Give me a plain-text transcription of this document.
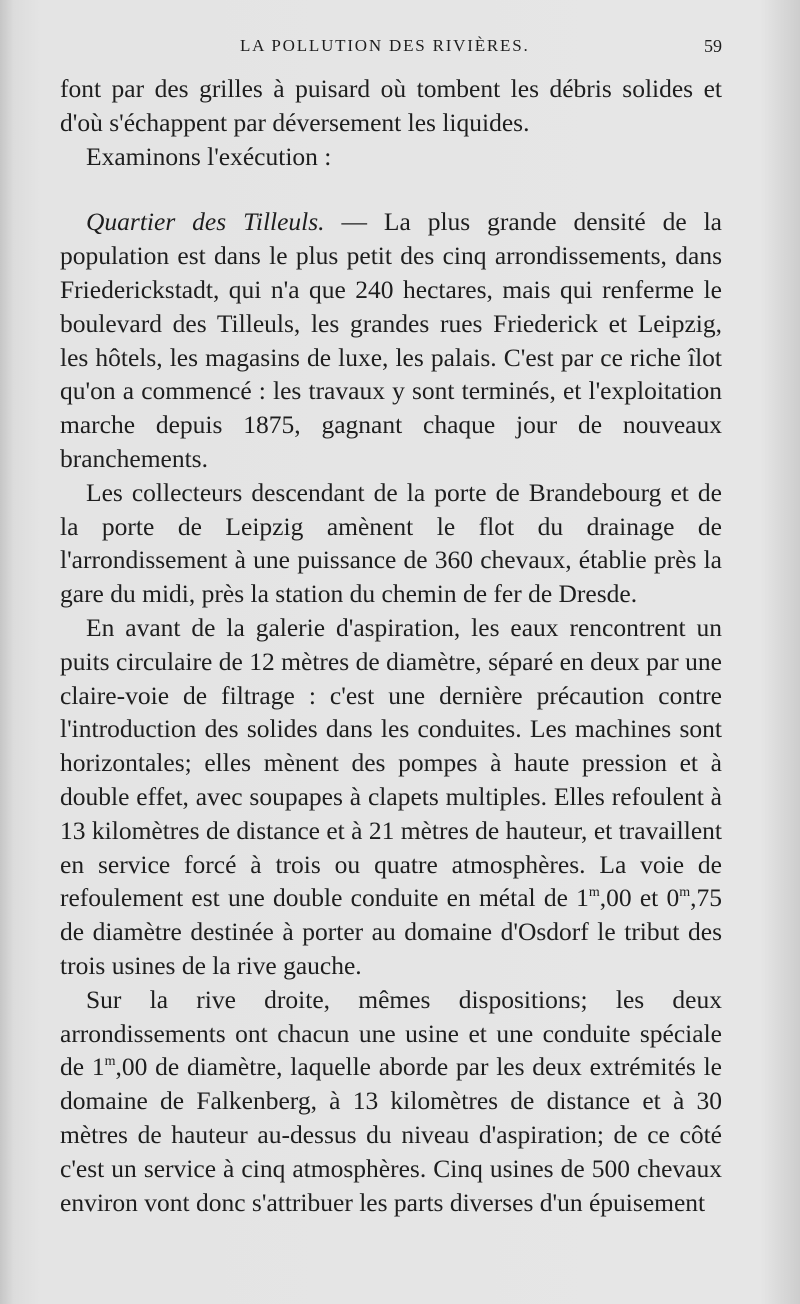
LA POLLUTION DES RIVIÈRES.	59

font par des grilles à puisard où tombent les débris solides et d'où s'échappent par déversement les liquides.

Examinons l'exécution :

Quartier des Tilleuls. — La plus grande densité de la population est dans le plus petit des cinq arrondissements, dans Friederickstadt, qui n'a que 240 hectares, mais qui renferme le boulevard des Tilleuls, les grandes rues Friederick et Leipzig, les hôtels, les magasins de luxe, les palais. C'est par ce riche îlot qu'on a commencé : les travaux y sont terminés, et l'exploitation marche depuis 1875, gagnant chaque jour de nouveaux branchements.

Les collecteurs descendant de la porte de Brandebourg et de la porte de Leipzig amènent le flot du drainage de l'arrondissement à une puissance de 360 chevaux, établie près la gare du midi, près la station du chemin de fer de Dresde.

En avant de la galerie d'aspiration, les eaux rencontrent un puits circulaire de 12 mètres de diamètre, séparé en deux par une claire-voie de filtrage : c'est une dernière précaution contre l'introduction des solides dans les conduites. Les machines sont horizontales; elles mènent des pompes à haute pression et à double effet, avec soupapes à clapets multiples. Elles refoulent à 13 kilomètres de distance et à 21 mètres de hauteur, et travaillent en service forcé à trois ou quatre atmosphères. La voie de refoulement est une double conduite en métal de 1$^m$,00 et 0$^m$,75 de diamètre destinée à porter au domaine d'Osdorf le tribut des trois usines de la rive gauche.

Sur la rive droite, mêmes dispositions; les deux arrondissements ont chacun une usine et une conduite spéciale de 1$^m$,00 de diamètre, laquelle aborde par les deux extrémités le domaine de Falkenberg, à 13 kilomètres de distance et à 30 mètres de hauteur au-dessus du niveau d'aspiration; de ce côté c'est un service à cinq atmosphères. Cinq usines de 500 chevaux environ vont donc s'attribuer les parts diverses d'un épuisement
